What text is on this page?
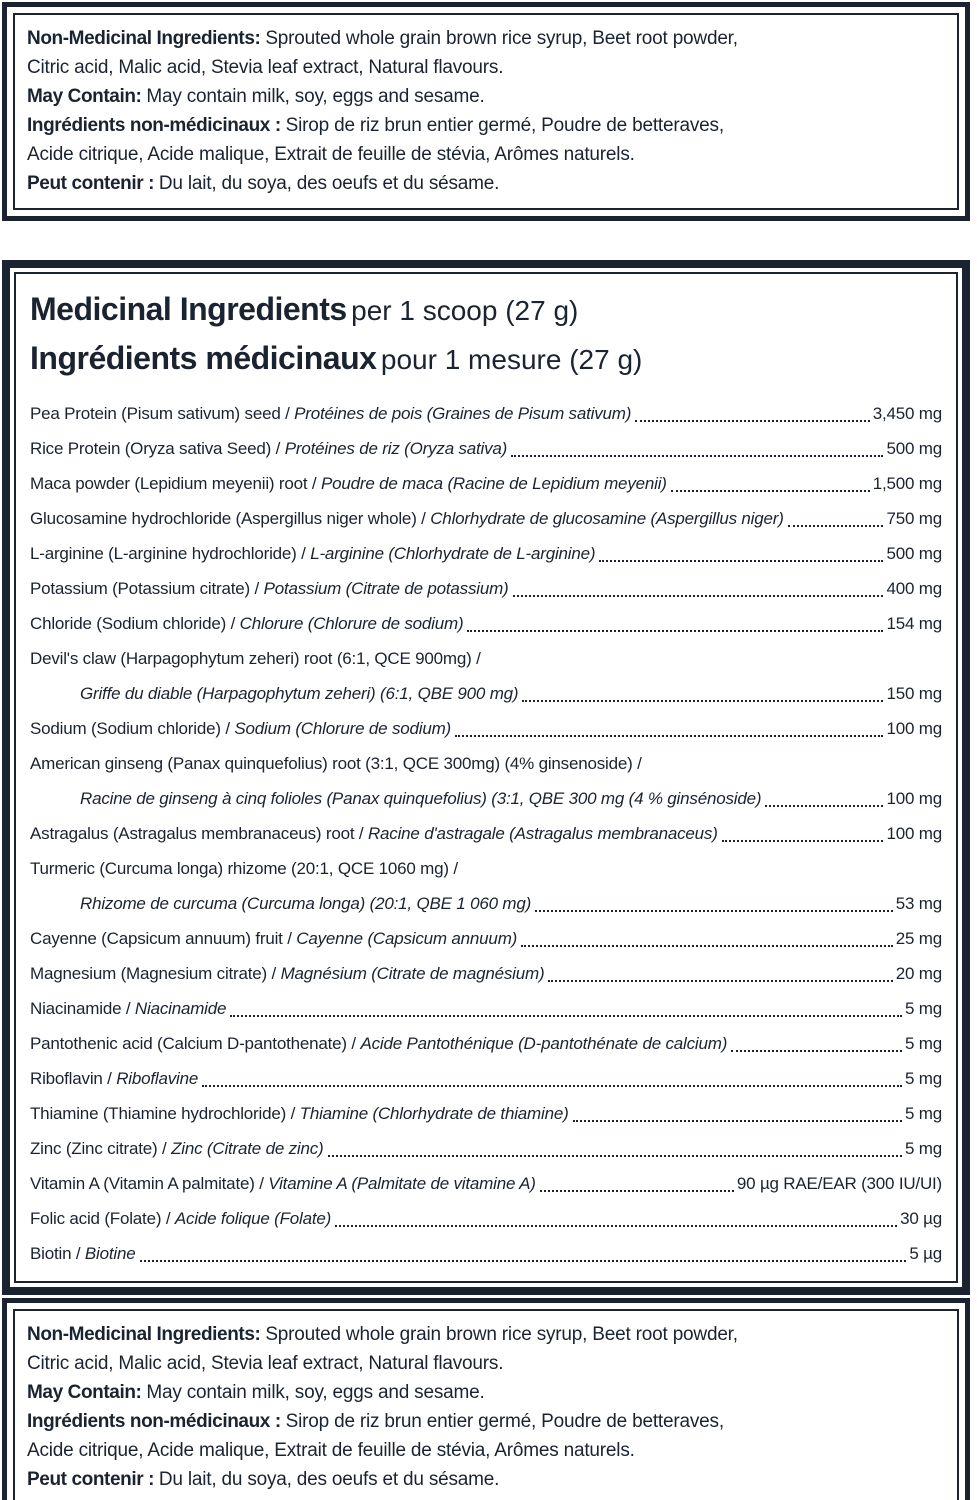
Non-Medicinal Ingredients: Sprouted whole grain brown rice syrup, Beet root powder,
Citric acid, Malic acid, Stevia leaf extract, Natural flavours.

May Contain: May contain milk, soy, eggs and sesame.

Ingrédients non-médicinaux : Sirop de riz brun entier germé, Poudre de betteraves,
Acide citrique, Acide malique, Extrait de feuille de stévia, Arômes naturels.

Peut contenir : Du lait, du soya, des oeufs et du sésame.

Medicinal Ingredients per 1 scoop (27 g)
Ingrédients médicinaux pour 1 mesure (27 g)
Pea Protein (Pisum sativum) seed / Protéines de pois (Graines de Pisum sativum)	3,450 mg
Rice Protein (Oryza sativa Seed) / Protéines de riz (Oryza sativa)	500 mg
Maca powder (Lepidium meyenii) root / Poudre de maca (Racine de Lepidium meyenii)	1,500 mg
Glucosamine hydrochloride (Aspergillus niger whole) / Chlorhydrate de glucosamine (Aspergillus niger)	750 mg
L-arginine (L-arginine hydrochloride) / L-arginine (Chlorhydrate de L-arginine)	500 mg
Potassium (Potassium citrate) / Potassium (Citrate de potassium)	400 mg
Chloride (Sodium chloride) / Chlorure (Chlorure de sodium)	154 mg
Devil's claw (Harpagophytum zeheri) root (6:1, QCE 900mg) /
Griffe du diable (Harpagophytum zeheri) (6:1, QBE 900 mg)	150 mg
Sodium (Sodium chloride) / Sodium (Chlorure de sodium)	100 mg
American ginseng (Panax quinquefolius) root (3:1, QCE 300mg) (4% ginsenoside) /
Racine de ginseng à cinq folioles (Panax quinquefolius) (3:1, QBE 300 mg (4 % ginsénoside)	100 mg
Astragalus (Astragalus membranaceus) root / Racine d'astragale (Astragalus membranaceus)	100 mg
Turmeric (Curcuma longa) rhizome (20:1, QCE 1060 mg) /
Rhizome de curcuma (Curcuma longa) (20:1, QBE 1 060 mg)	53 mg
Cayenne (Capsicum annuum) fruit / Cayenne (Capsicum annuum)	25 mg
Magnesium (Magnesium citrate) / Magnésium (Citrate de magnésium)	20 mg
Niacinamide / Niacinamide	5 mg
Pantothenic acid (Calcium D-pantothenate) / Acide Pantothénique (D-pantothénate de calcium)	5 mg
Riboflavin / Riboflavine	5 mg
Thiamine (Thiamine hydrochloride) / Thiamine (Chlorhydrate de thiamine)	5 mg
Zinc (Zinc citrate) / Zinc (Citrate de zinc)	5 mg
Vitamin A (Vitamin A palmitate) / Vitamine A (Palmitate de vitamine A)	90 µg RAE/EAR (300 IU/UI)
Folic acid (Folate) / Acide folique (Folate)	30 µg
Biotin / Biotine	5 µg

Non-Medicinal Ingredients: Sprouted whole grain brown rice syrup, Beet root powder,
Citric acid, Malic acid, Stevia leaf extract, Natural flavours.

May Contain: May contain milk, soy, eggs and sesame.

Ingrédients non-médicinaux : Sirop de riz brun entier germé, Poudre de betteraves,
Acide citrique, Acide malique, Extrait de feuille de stévia, Arômes naturels.

Peut contenir : Du lait, du soya, des oeufs et du sésame.
